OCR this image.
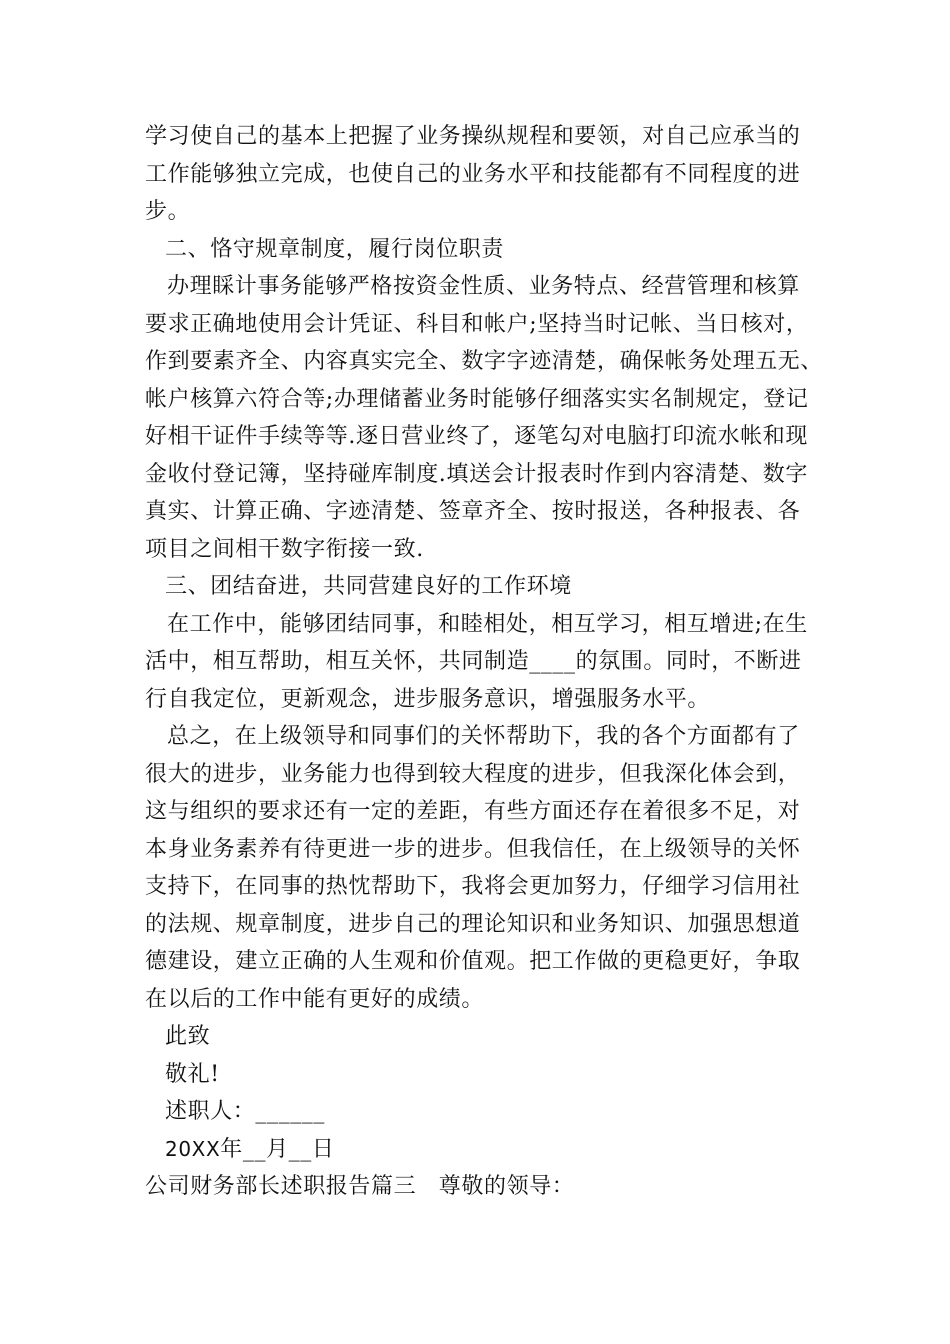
学习使自己的基本上把握了业务操纵规程和要领，对自己应承当的
工作能够独立完成，也使自己的业务水平和技能都有不同程度的进
步。
二、恪守规章制度，履行岗位职责
办理睬计事务能够严格按资金性质、业务特点、经营管理和核算
要求正确地使用会计凭证、科目和帐户;坚持当时记帐、当日核对，
作到要素齐全、内容真实完全、数字字迹清楚，确保帐务处理五无、
帐户核算六符合等;办理储蓄业务时能够仔细落实实名制规定，登记
好相干证件手续等等.逐日营业终了，逐笔勾对电脑打印流水帐和现
金收付登记簿，坚持碰库制度.填送会计报表时作到内容清楚、数字
真实、计算正确、字迹清楚、签章齐全、按时报送，各种报表、各
项目之间相干数字衔接一致.
三、团结奋进，共同营建良好的工作环境
在工作中，能够团结同事，和睦相处，相互学习，相互增进;在生
活中，相互帮助，相互关怀，共同制造____的氛围。同时，不断进
行自我定位，更新观念，进步服务意识，增强服务水平。
总之，在上级领导和同事们的关怀帮助下，我的各个方面都有了
很大的进步，业务能力也得到较大程度的进步，但我深化体会到，
这与组织的要求还有一定的差距，有些方面还存在着很多不足，对
本身业务素养有待更进一步的进步。但我信任，在上级领导的关怀
支持下，在同事的热忱帮助下，我将会更加努力，仔细学习信用社
的法规、规章制度，进步自己的理论知识和业务知识、加强思想道
德建设，建立正确的人生观和价值观。把工作做的更稳更好，争取
在以后的工作中能有更好的成绩。
此致
敬礼!
述职人：______
20XX年__月__日
公司财务部长述职报告篇三　尊敬的领导：
